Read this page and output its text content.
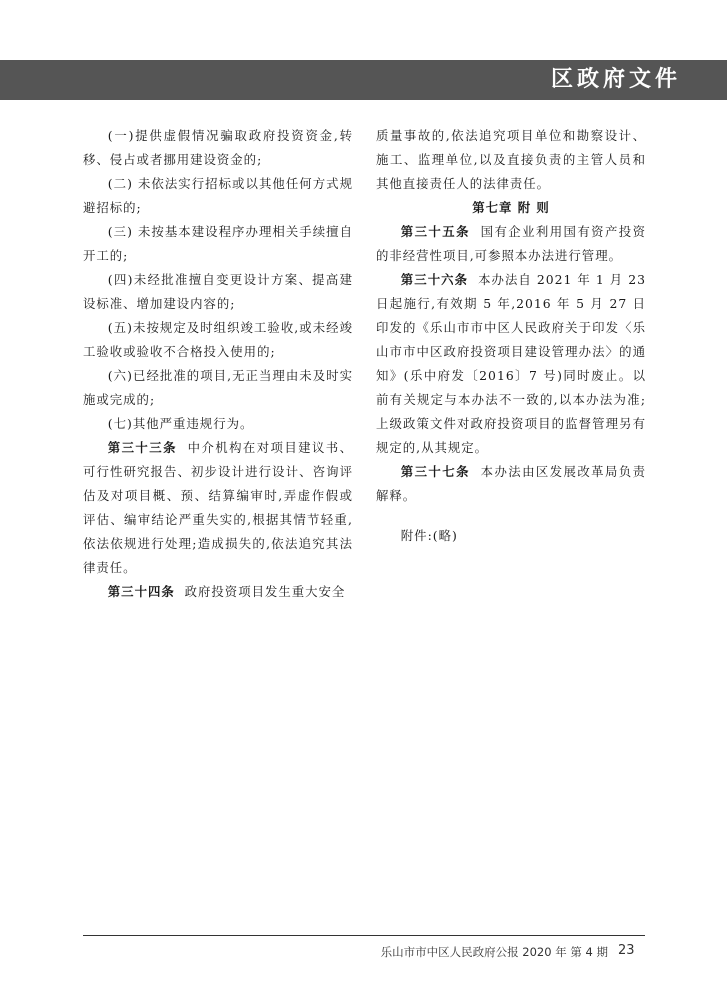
区政府文件

(一)提供虚假情况骗取政府投资资金,转移、侵占或者挪用建设资金的;

(二) 未依法实行招标或以其他任何方式规避招标的;

(三) 未按基本建设程序办理相关手续擅自开工的;

(四)未经批准擅自变更设计方案、提高建设标准、增加建设内容的;

(五)未按规定及时组织竣工验收,或未经竣工验收或验收不合格投入使用的;

(六)已经批准的项目,无正当理由未及时实施或完成的;

(七)其他严重违规行为。

第三十三条 中介机构在对项目建议书、可行性研究报告、初步设计进行设计、咨询评估及对项目概、预、结算编审时,弄虚作假或评估、编审结论严重失实的,根据其情节轻重,依法依规进行处理;造成损失的,依法追究其法律责任。

第三十四条 政府投资项目发生重大安全

质量事故的,依法追究项目单位和勘察设计、施工、监理单位,以及直接负责的主管人员和其他直接责任人的法律责任。

第七章 附 则

第三十五条 国有企业利用国有资产投资的非经营性项目,可参照本办法进行管理。

第三十六条 本办法自 2021 年 1 月 23 日起施行,有效期 5 年,2016 年 5 月 27 日印发的《乐山市市中区人民政府关于印发〈乐山市市中区政府投资项目建设管理办法〉的通知》(乐中府发〔2016〕7 号)同时废止。以前有关规定与本办法不一致的,以本办法为准;上级政策文件对政府投资项目的监督管理另有规定的,从其规定。

第三十七条 本办法由区发展改革局负责解释。

附件:(略)

乐山市市中区人民政府公报 2020 年 第 4 期 23
